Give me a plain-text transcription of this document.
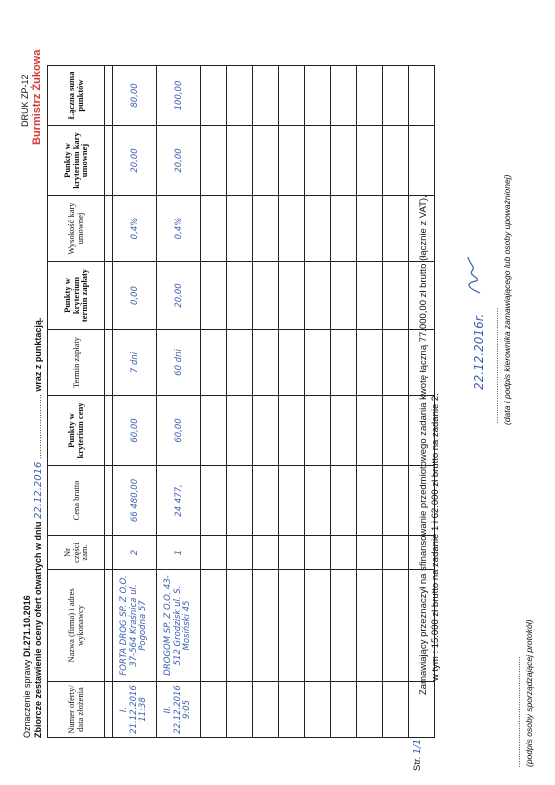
Oznaczenie sprawy DI.271.10.2016 Zbiorcze zestawienie oceny ofert otwartych w dniu 22.12.2016 .......................... wraz z punktacją.
DRUK ZP-12 Burmistrz Żukowa
Numer oferty/ data złożenia	Nazwa (firma) i adres wykonawcy	Nr części zam.	Cena brutto	Punkty w kryterium ceny	Termin zapłaty	Punkty w kryterium termin zapłaty	Wysokość kary umownej	Punkty w kryterium kary umownej	Łączna suma punktów

I. 21.12.2016 11:38	FORTA DROG SP. Z O.O. 37-564 Kraśnica ul. Pogodna 57	2	66 480,00	60,00	7 dni	0,00	0,4%	20,00	80,00
II. 22.12.2016 9:05	DROGOM SP. Z O.O. 43-512 Grodzisk ul. S. Mosiński 45	1	24 477,	60,00	60 dni	20,00	0,4%	20,00	100,00

Str. 1/1
Zamawiający przeznaczył na sfinansowanie przedmiotowego zadania kwotę łączną 77.000,00 zł brutto (łącznie z VAT), w tym : 15.000 zł brutto na zadanie 1 i 62.000 zł brutto na zadanie 2.
............................................... (podpis osoby sporządzającej protokół)
22.12.2016r. ................................................. (data i podpis kierownika zamawiającego lub osoby upoważnionej)
